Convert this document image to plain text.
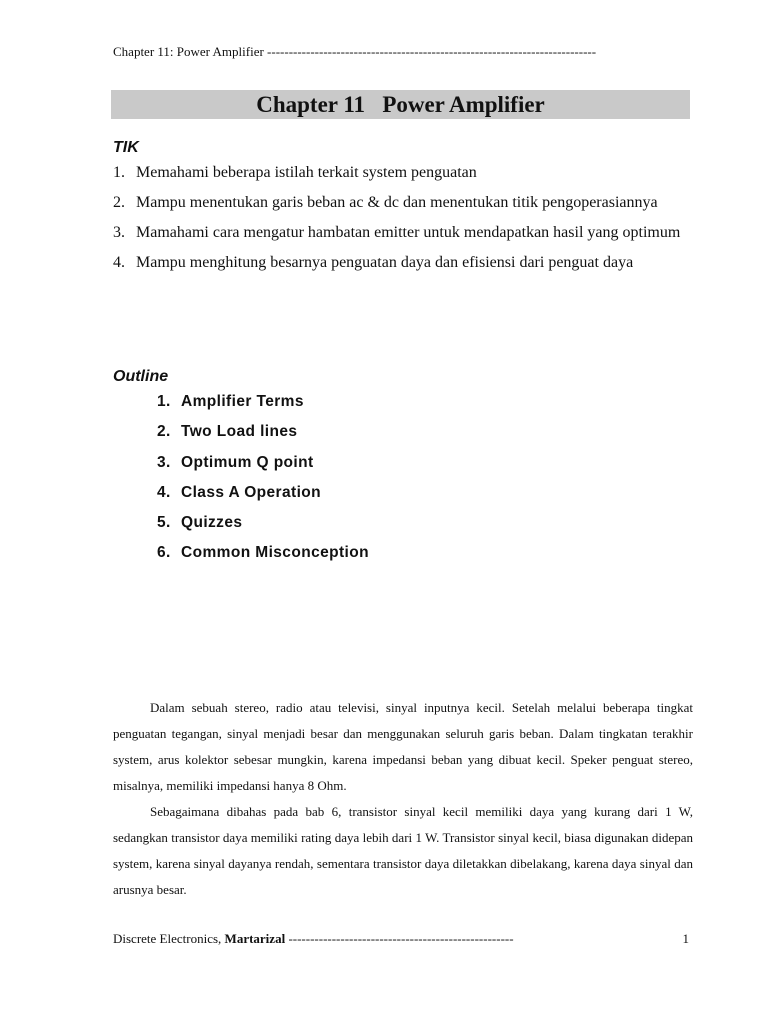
Chapter 11: Power Amplifier ----------------------------------------------------------------------------
Chapter 11 Power Amplifier
TIK
1. Memahami beberapa istilah terkait system penguatan
2. Mampu menentukan garis beban ac & dc dan menentukan titik pengoperasiannya
3. Mamahami cara mengatur hambatan emitter untuk mendapatkan hasil yang optimum
4. Mampu menghitung besarnya penguatan daya dan efisiensi dari penguat daya
Outline
1. Amplifier Terms
2. Two Load lines
3. Optimum Q point
4. Class A Operation
5. Quizzes
6. Common Misconception

Dalam sebuah stereo, radio atau televisi, sinyal inputnya kecil. Setelah melalui beberapa tingkat penguatan tegangan, sinyal menjadi besar dan menggunakan seluruh garis beban. Dalam tingkatan terakhir system, arus kolektor sebesar mungkin, karena impedansi beban yang dibuat kecil. Speker penguat stereo, misalnya, memiliki impedansi hanya 8 Ohm.

Sebagaimana dibahas pada bab 6, transistor sinyal kecil memiliki daya yang kurang dari 1 W, sedangkan transistor daya memiliki rating daya lebih dari 1 W. Transistor sinyal kecil, biasa digunakan didepan system, karena sinyal dayanya rendah, sementara transistor daya diletakkan dibelakang, karena daya sinyal dan arusnya besar.

Discrete Electronics, Martarizal ----------------------------------------------------	1
